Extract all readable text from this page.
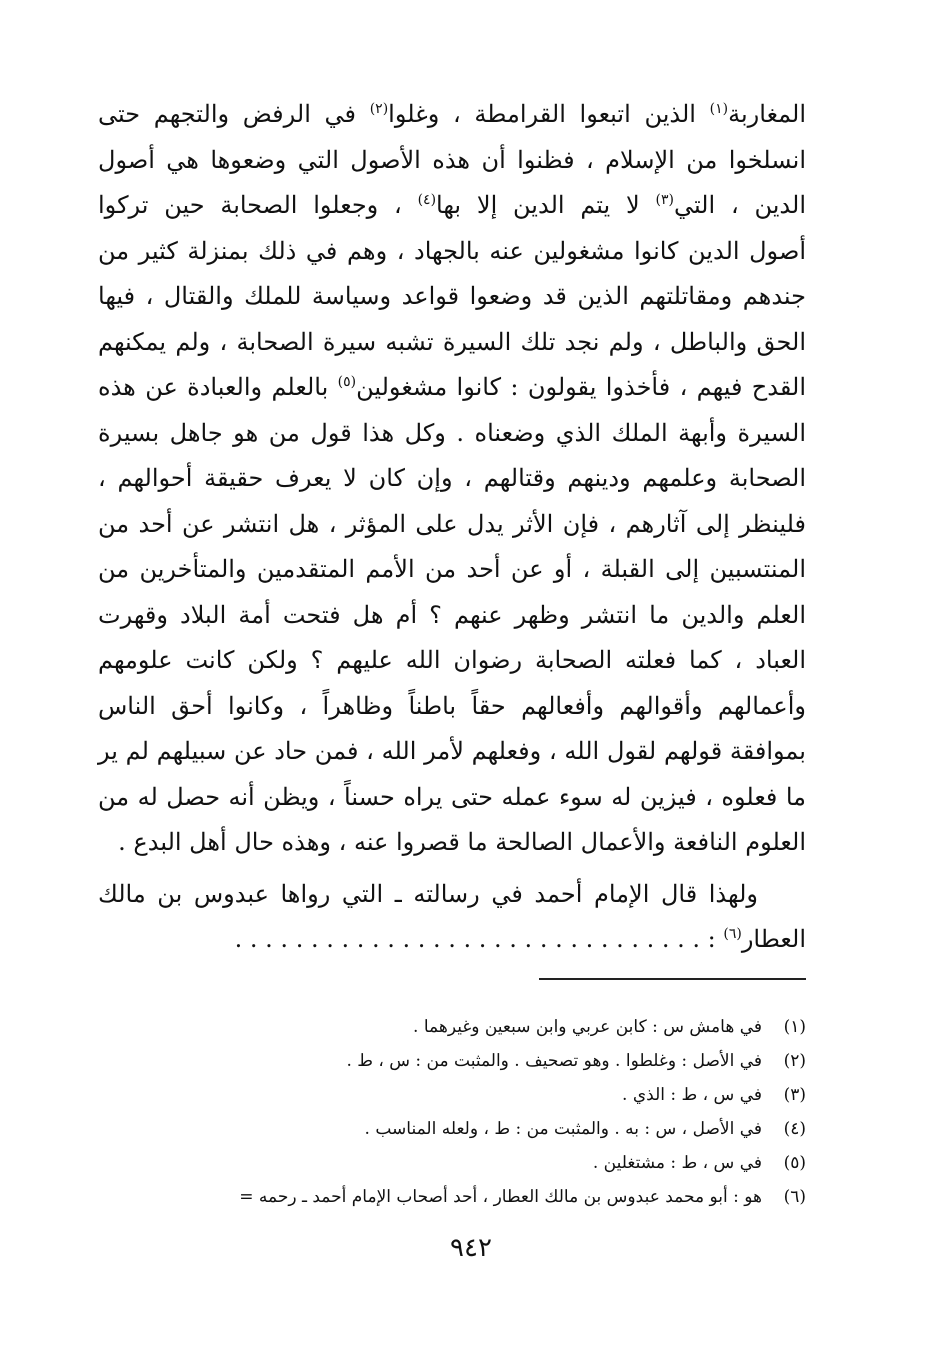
المغاربة$^{(١)}$ الذين اتبعوا القرامطة ، وغلوا$^{(٢)}$ في الرفض والتجهم حتى
انسلخوا من الإسلام ، فظنوا أن هذه الأصول التي وضعوها هي أصول
الدين ، التي$^{(٣)}$ لا يتم الدين إلا بها$^{(٤)}$ ، وجعلوا الصحابة حين تركوا
أصول الدين كانوا مشغولين عنه بالجهاد ، وهم في ذلك بمنزلة كثير من
جندهم ومقاتلتهم الذين قد وضعوا قواعد وسياسة للملك والقتال ، فيها
الحق والباطل ، ولم نجد تلك السيرة تشبه سيرة الصحابة ، ولم يمكنهم
القدح فيهم ، فأخذوا يقولون : كانوا مشغولين$^{(٥)}$ بالعلم والعبادة عن هذه
السيرة وأبهة الملك الذي وضعناه . وكل هذا قول من هو جاهل بسيرة
الصحابة وعلمهم ودينهم وقتالهم ، وإن كان لا يعرف حقيقة أحوالهم ،
فلينظر إلى آثارهم ، فإن الأثر يدل على المؤثر ، هل انتشر عن أحد من
المنتسبين إلى القبلة ، أو عن أحد من الأمم المتقدمين والمتأخرين من
العلم والدين ما انتشر وظهر عنهم ؟ أم هل فتحت أمة البلاد وقهرت
العباد ، كما فعلته الصحابة رضوان الله عليهم ؟ ولكن كانت علومهم
وأعمالهم وأقوالهم وأفعالهم حقاً باطناً وظاهراً ، وكانوا أحق الناس
بموافقة قولهم لقول الله ، وفعلهم لأمر الله ، فمن حاد عن سبيلهم لم ير
ما فعلوه ، فيزين له سوء عمله حتى يراه حسناً ، ويظن أنه حصل له من
العلوم النافعة والأعمال الصالحة ما قصروا عنه ، وهذه حال أهل البدع .
ولهذا قال الإمام أحمد في رسالته ـ التي رواها عبدوس بن مالك
العطار$^{(٦)}$ : . . . . . . . . . . . . . . . . . . . . . . . . . . . . . . .
(١)
في هامش س : كابن عربي وابن سبعين وغيرهما .
(٢)
في الأصل : وغلطوا . وهو تصحيف . والمثبت من : س ، ط .
(٣)
في س ، ط : الذي .
(٤)
في الأصل ، س : به . والمثبت من : ط ، ولعله المناسب .
(٥)
في س ، ط : مشتغلين .
(٦)
هو : أبو محمد عبدوس بن مالك العطار ، أحد أصحاب الإمام أحمد ـ رحمه =
٩٤٢
